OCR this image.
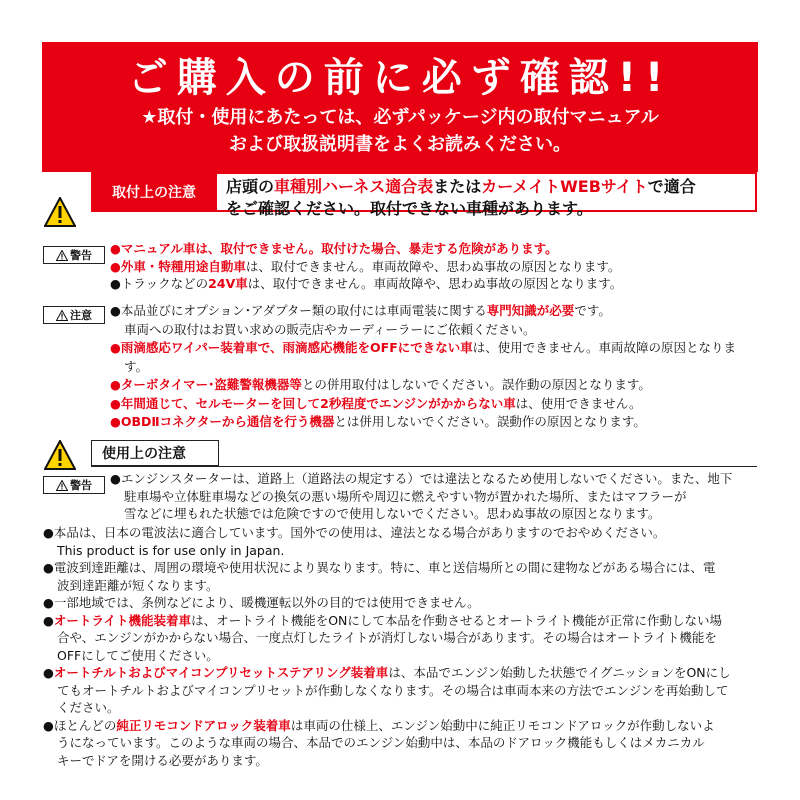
ご購入の前に必ず確認!!
★取付・使用にあたっては、必ずパッケージ内の取付マニュアル
および取扱説明書をよくお読みください。
取付上の注意	店頭の車種別ハーネス適合表またはカーメイトWEBサイトで適合
をご確認ください。取付できない車種があります。
警告 ●マニュアル車は、取付できません。取付けた場合、暴走する危険があります。
●外車・特種用途自動車は、取付できません。車両故障や、思わぬ事故の原因となります。
●トラックなどの24V車は、取付できません。車両故障や、思わぬ事故の原因となります。
注意 ●本品並びにオプション･アダプター類の取付には車両電装に関する専門知識が必要です。
車両への取付はお買い求めの販売店やカーディーラーにご依頼ください。
●雨滴感応ワイパー装着車で、雨滴感応機能をOFFにできない車は、使用できません。車両故障の原因となりま
す。
●ターボタイマー･盗難警報機器等との併用取付はしないでください。誤作動の原因となります。
●年間通じて、セルモーターを回して2秒程度でエンジンがかからない車は、使用できません。
●OBDⅡコネクターから通信を行う機器とは併用しないでください。誤動作の原因となります。
使用上の注意
警告 ●エンジンスターターは、道路上（道路法の規定する）では違法となるため使用しないでください。また、地下
駐車場や立体駐車場などの換気の悪い場所や周辺に燃えやすい物が置かれた場所、またはマフラーが
雪などに埋もれた状態では危険ですので使用しないでください。思わぬ事故の原因となります。
●本品は、日本の電波法に適合しています。国外での使用は、違法となる場合がありますのでおやめください。
This product is for use only in Japan.
●電波到達距離は、周囲の環境や使用状況により異なります。特に、車と送信場所との間に建物などがある場合には、電
波到達距離が短くなります。
●一部地域では、条例などにより、暖機運転以外の目的では使用できません。
●オートライト機能装着車は、オートライト機能をONにして本品を作動させるとオートライト機能が正常に作動しない場
合や、エンジンがかからない場合、一度点灯したライトが消灯しない場合があります。その場合はオートライト機能を
OFFにしてご使用ください。
●オートチルトおよびマイコンプリセットステアリング装着車は、本品でエンジン始動した状態でイグニッションをONにし
てもオートチルトおよびマイコンプリセットが作動しなくなります。その場合は車両本来の方法でエンジンを再始動して
ください。
●ほとんどの純正リモコンドアロック装着車は車両の仕様上、エンジン始動中に純正リモコンドアロックが作動しないよ
うになっています。このような車両の場合、本品でのエンジン始動中は、本品のドアロック機能もしくはメカニカル
キーでドアを開ける必要があります。
